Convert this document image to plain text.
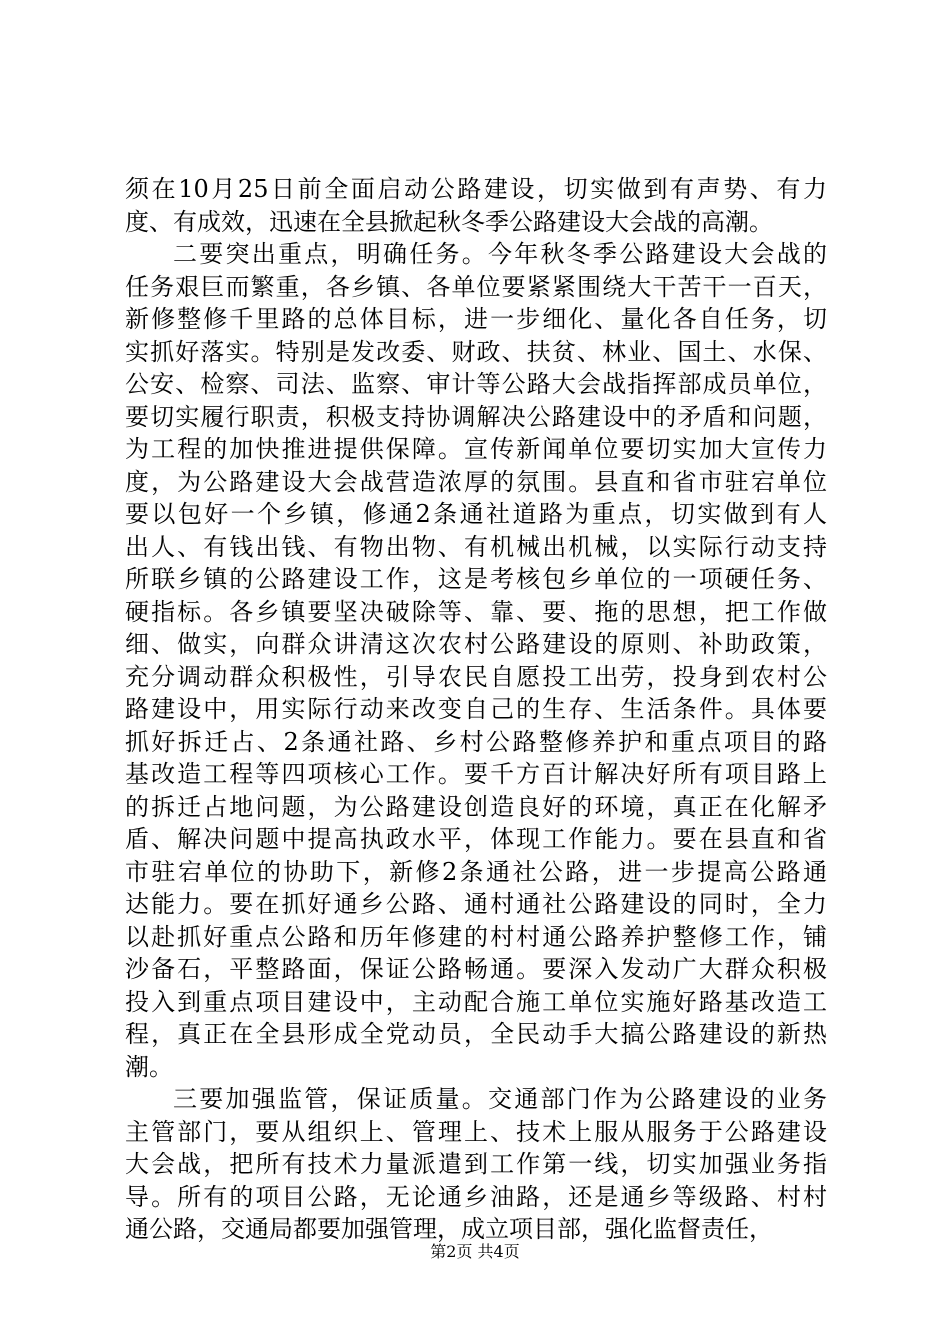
须在10月25日前全面启动公路建设，切实做到有声势、有力
度、有成效，迅速在全县掀起秋冬季公路建设大会战的高潮。
二要突出重点，明确任务。今年秋冬季公路建设大会战的
任务艰巨而繁重，各乡镇、各单位要紧紧围绕大干苦干一百天，
新修整修千里路的总体目标，进一步细化、量化各自任务，切
实抓好落实。特别是发改委、财政、扶贫、林业、国土、水保、
公安、检察、司法、监察、审计等公路大会战指挥部成员单位，
要切实履行职责，积极支持协调解决公路建设中的矛盾和问题，
为工程的加快推进提供保障。宣传新闻单位要切实加大宣传力
度，为公路建设大会战营造浓厚的氛围。县直和省市驻宕单位
要以包好一个乡镇，修通2条通社道路为重点，切实做到有人
出人、有钱出钱、有物出物、有机械出机械，以实际行动支持
所联乡镇的公路建设工作，这是考核包乡单位的一项硬任务、
硬指标。各乡镇要坚决破除等、靠、要、拖的思想，把工作做
细、做实，向群众讲清这次农村公路建设的原则、补助政策，
充分调动群众积极性，引导农民自愿投工出劳，投身到农村公
路建设中，用实际行动来改变自己的生存、生活条件。具体要
抓好拆迁占、2条通社路、乡村公路整修养护和重点项目的路
基改造工程等四项核心工作。要千方百计解决好所有项目路上
的拆迁占地问题，为公路建设创造良好的环境，真正在化解矛
盾、解决问题中提高执政水平，体现工作能力。要在县直和省
市驻宕单位的协助下，新修2条通社公路，进一步提高公路通
达能力。要在抓好通乡公路、通村通社公路建设的同时，全力
以赴抓好重点公路和历年修建的村村通公路养护整修工作，铺
沙备石，平整路面，保证公路畅通。要深入发动广大群众积极
投入到重点项目建设中，主动配合施工单位实施好路基改造工
程，真正在全县形成全党动员，全民动手大搞公路建设的新热
潮。
三要加强监管，保证质量。交通部门作为公路建设的业务
主管部门，要从组织上、管理上、技术上服从服务于公路建设
大会战，把所有技术力量派遣到工作第一线，切实加强业务指
导。所有的项目公路，无论通乡油路，还是通乡等级路、村村
通公路，交通局都要加强管理，成立项目部，强化监督责任，
第2页 共4页
